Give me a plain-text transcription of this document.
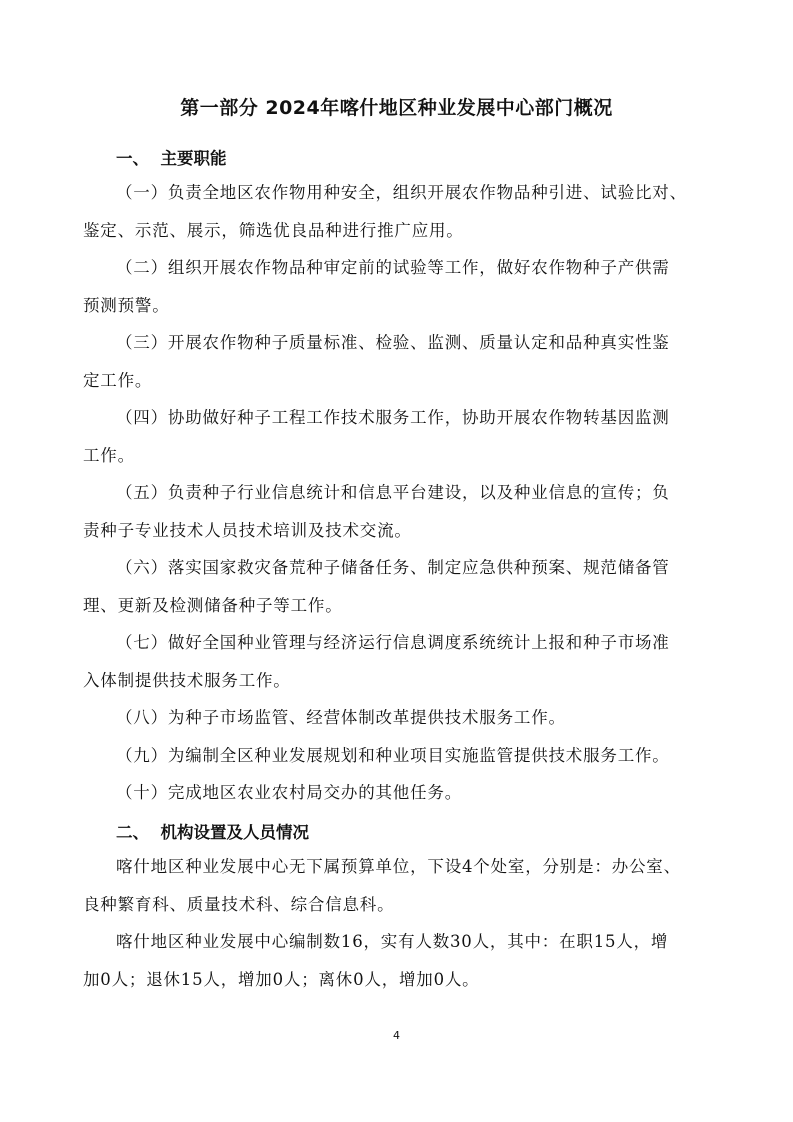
第一部分 2024年喀什地区种业发展中心部门概况
一、  主要职能
（一）负责全地区农作物用种安全，组织开展农作物品种引进、试验比对、
鉴定、示范、展示，筛选优良品种进行推广应用。
（二）组织开展农作物品种审定前的试验等工作，做好农作物种子产供需
预测预警。
（三）开展农作物种子质量标准、检验、监测、质量认定和品种真实性鉴
定工作。
（四）协助做好种子工程工作技术服务工作，协助开展农作物转基因监测
工作。
（五）负责种子行业信息统计和信息平台建设，以及种业信息的宣传；负
责种子专业技术人员技术培训及技术交流。
（六）落实国家救灾备荒种子储备任务、制定应急供种预案、规范储备管
理、更新及检测储备种子等工作。
（七）做好全国种业管理与经济运行信息调度系统统计上报和种子市场准
入体制提供技术服务工作。
（八）为种子市场监管、经营体制改革提供技术服务工作。
（九）为编制全区种业发展规划和种业项目实施监管提供技术服务工作。
（十）完成地区农业农村局交办的其他任务。
二、  机构设置及人员情况
喀什地区种业发展中心无下属预算单位，下设4个处室，分别是：办公室、
良种繁育科、质量技术科、综合信息科。
喀什地区种业发展中心编制数16，实有人数30人，其中：在职15人，增
加0人；退休15人，增加0人；离休0人，增加0人。
4
